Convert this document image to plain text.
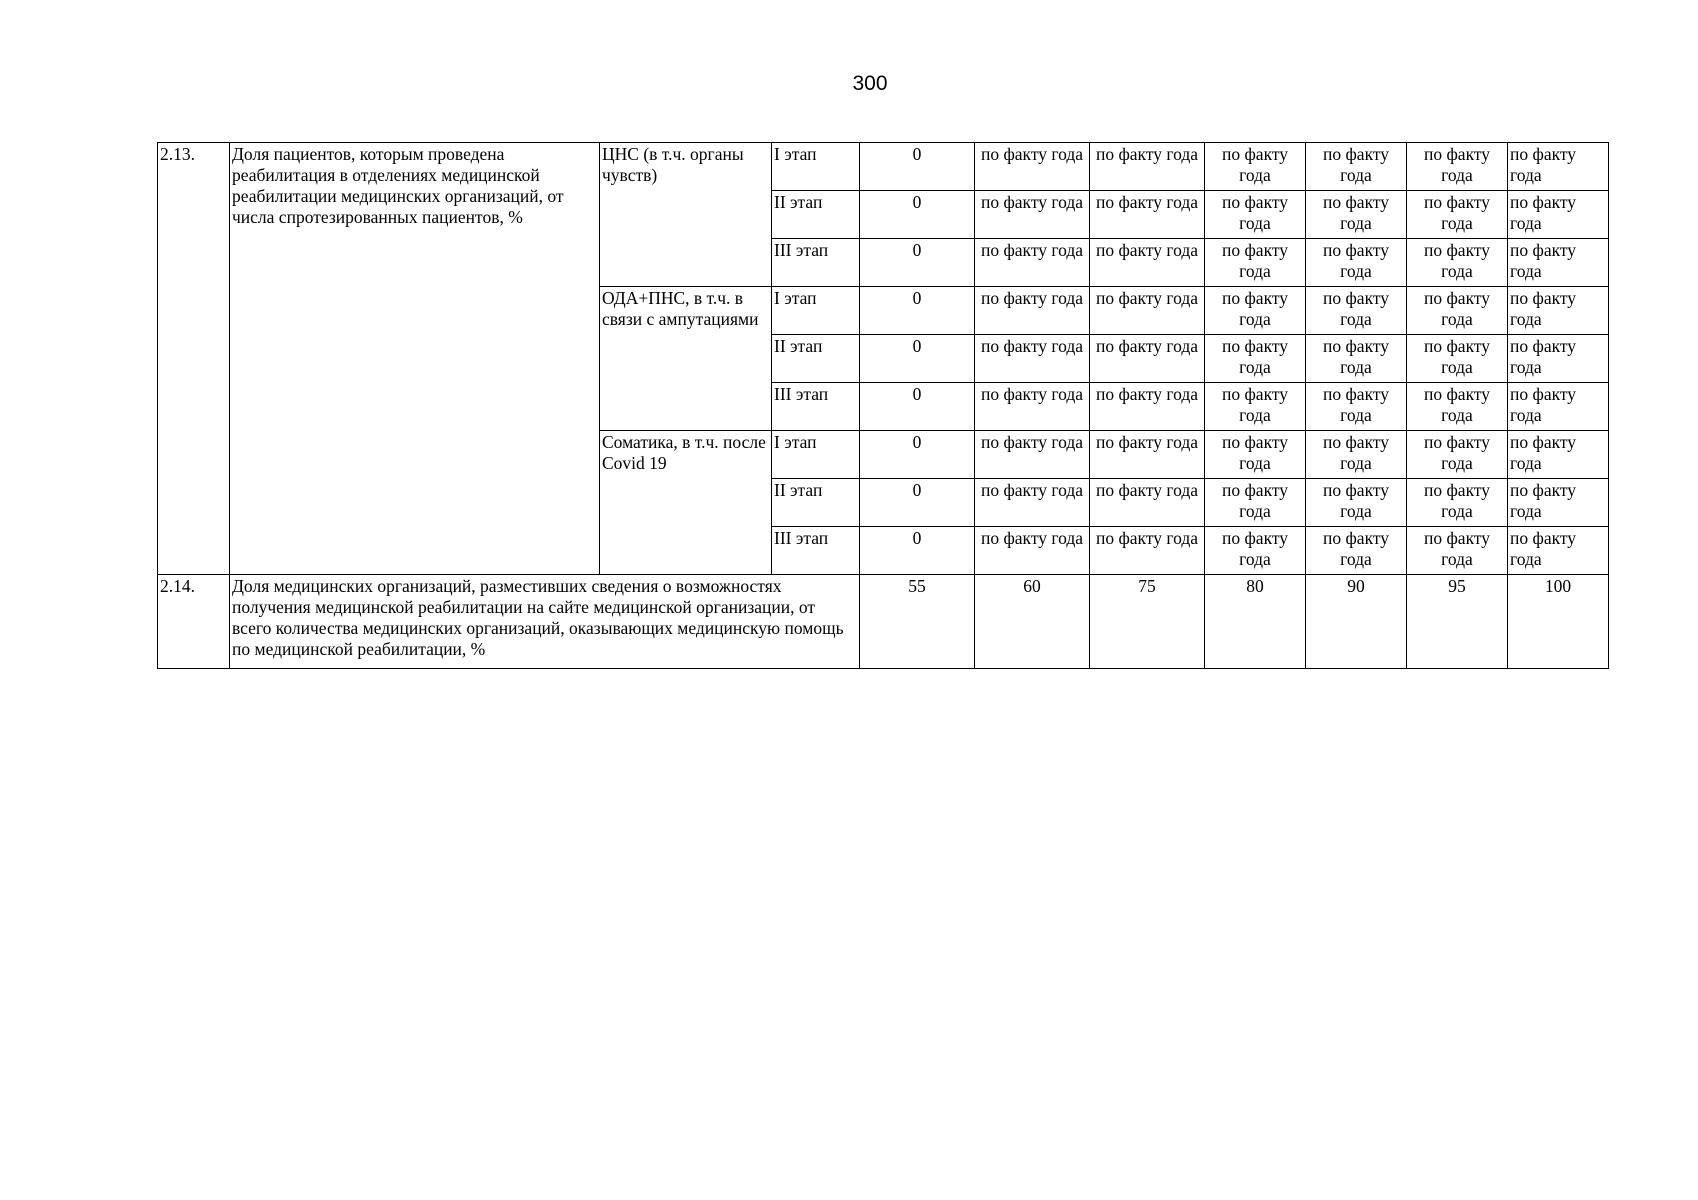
300
2.13.	Доля пациентов, которым проведена реабилитация в отделениях медицинской реабилитации медицинских организаций, от числа спротезированных пациентов, %	ЦНС (в т.ч. органы чувств)	I этап	0	по факту года	по факту года	по факту года	по факту года	по факту года	по факту года
			II этап	0	по факту года	по факту года	по факту года	по факту года	по факту года	по факту года
			III этап	0	по факту года	по факту года	по факту года	по факту года	по факту года	по факту года
		ОДА+ПНС, в т.ч. в связи с ампутациями	I этап	0	по факту года	по факту года	по факту года	по факту года	по факту года	по факту года
			II этап	0	по факту года	по факту года	по факту года	по факту года	по факту года	по факту года
			III этап	0	по факту года	по факту года	по факту года	по факту года	по факту года	по факту года
		Соматика, в т.ч. после Covid 19	I этап	0	по факту года	по факту года	по факту года	по факту года	по факту года	по факту года
			II этап	0	по факту года	по факту года	по факту года	по факту года	по факту года	по факту года
			III этап	0	по факту года	по факту года	по факту года	по факту года	по факту года	по факту года
2.14.	Доля медицинских организаций, разместивших сведения о возможностях получения медицинской реабилитации на сайте медицинской организации, от всего количества медицинских организаций, оказывающих медицинскую помощь по медицинской реабилитации, %			55	60	75	80	90	95	100
